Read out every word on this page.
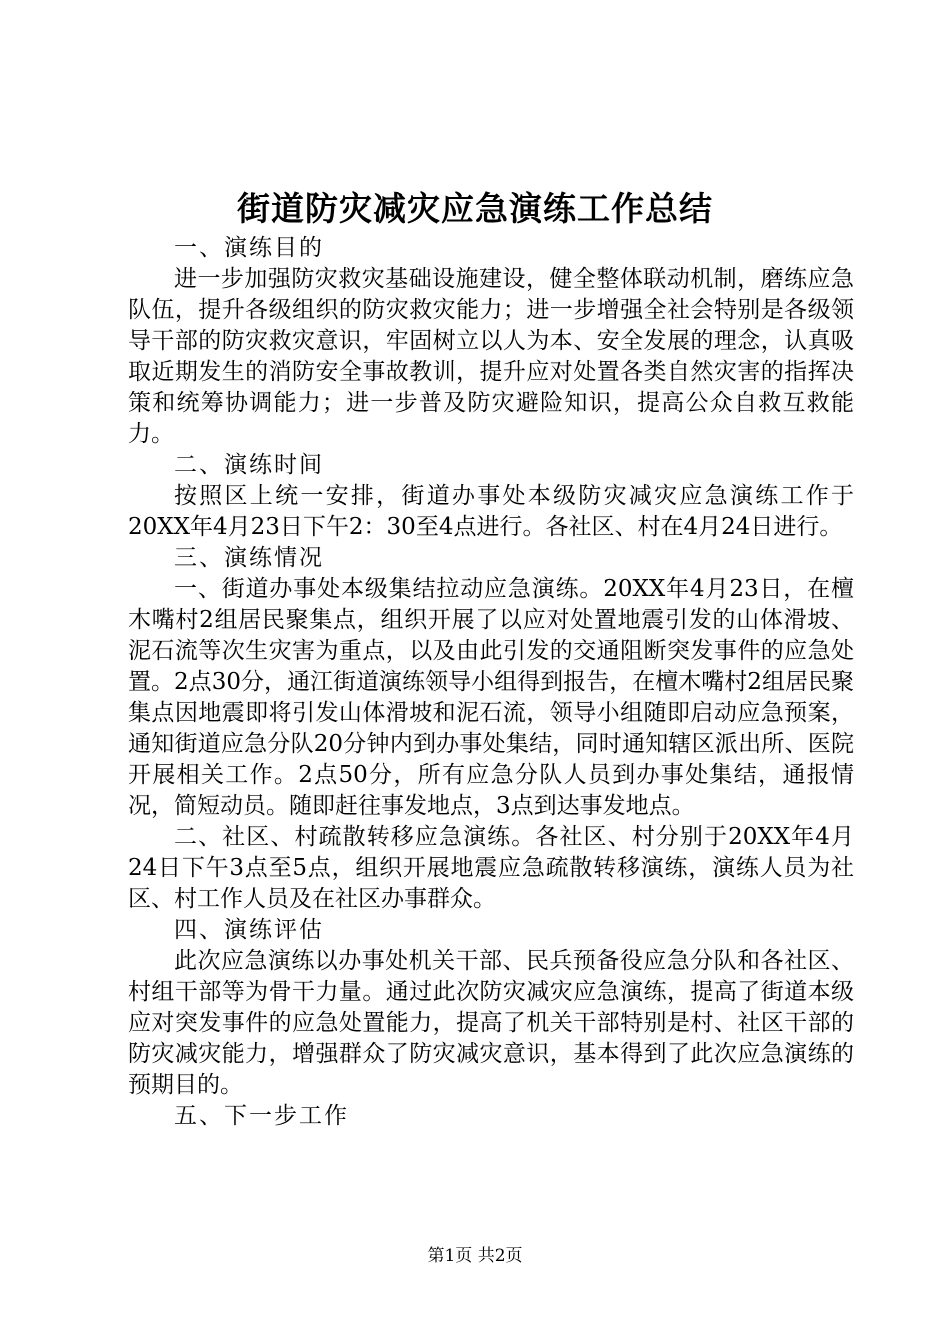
街道防灾减灾应急演练工作总结

一、演练目的

进一步加强防灾救灾基础设施建设，健全整体联动机制，磨练应急队伍，提升各级组织的防灾救灾能力；进一步增强全社会特别是各级领导干部的防灾救灾意识，牢固树立以人为本、安全发展的理念，认真吸取近期发生的消防安全事故教训，提升应对处置各类自然灾害的指挥决策和统筹协调能力；进一步普及防灾避险知识，提高公众自救互救能力。

二、演练时间

按照区上统一安排，街道办事处本级防灾减灾应急演练工作于20XX年4月23日下午2：30至4点进行。各社区、村在4月24日进行。

三、演练情况

一、街道办事处本级集结拉动应急演练。20XX年4月23日，在檀木嘴村2组居民聚集点，组织开展了以应对处置地震引发的山体滑坡、泥石流等次生灾害为重点，以及由此引发的交通阻断突发事件的应急处置。2点30分，通江街道演练领导小组得到报告，在檀木嘴村2组居民聚集点因地震即将引发山体滑坡和泥石流，领导小组随即启动应急预案，通知街道应急分队20分钟内到办事处集结，同时通知辖区派出所、医院开展相关工作。2点50分，所有应急分队人员到办事处集结，通报情况，简短动员。随即赶往事发地点，3点到达事发地点。

二、社区、村疏散转移应急演练。各社区、村分别于20XX年4月24日下午3点至5点，组织开展地震应急疏散转移演练，演练人员为社区、村工作人员及在社区办事群众。

四、演练评估

此次应急演练以办事处机关干部、民兵预备役应急分队和各社区、村组干部等为骨干力量。通过此次防灾减灾应急演练，提高了街道本级应对突发事件的应急处置能力，提高了机关干部特别是村、社区干部的防灾减灾能力，增强群众了防灾减灾意识，基本得到了此次应急演练的预期目的。

五、下一步工作

第1页 共2页
